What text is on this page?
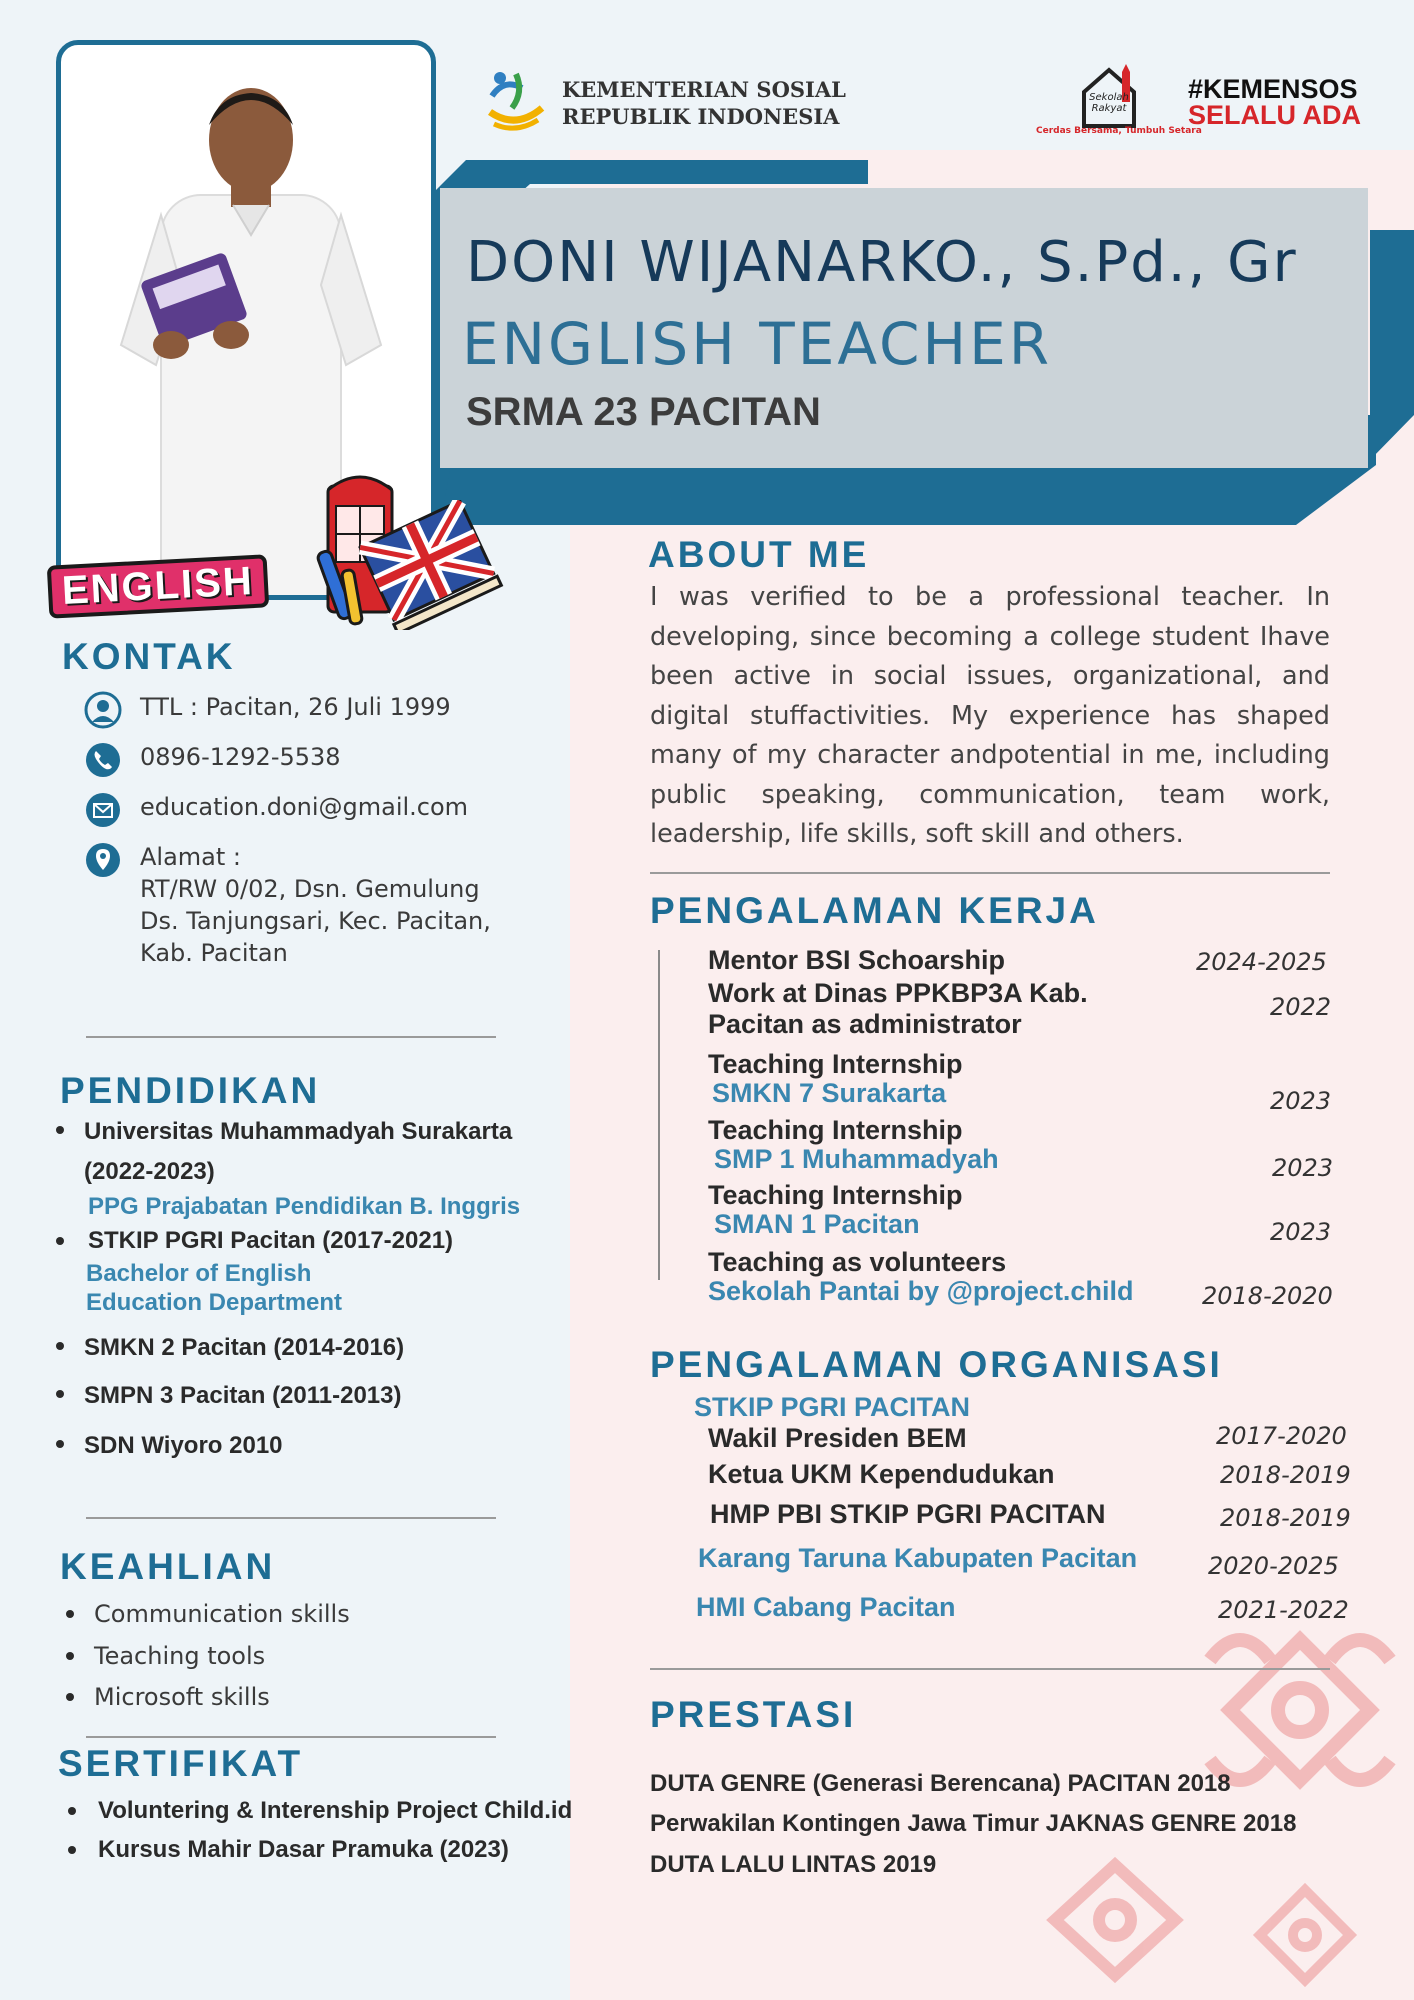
KEMENTERIAN SOSIAL
REPUBLIK INDONESIA
Sekolah Rakyat
Cerdas Bersama, Tumbuh Setara
#KEMENSOS
SELALU ADA
DONI WIJANARKO., S.Pd., Gr
ENGLISH TEACHER
SRMA 23 PACITAN
ENGLISH
KONTAK
TTL : Pacitan, 26 Juli 1999
0896-1292-5538
education.doni@gmail.com
Alamat :
RT/RW 0/02, Dsn. Gemulung
Ds. Tanjungsari, Kec. Pacitan,
Kab. Pacitan
PENDIDIKAN
Universitas Muhammadyah Surakarta
(2022-2023)
PPG Prajabatan Pendidikan B. Inggris
STKIP PGRI Pacitan (2017-2021)
Bachelor of English
Education Department
SMKN 2 Pacitan (2014-2016)
SMPN 3 Pacitan (2011-2013)
SDN Wiyoro 2010
KEAHLIAN
Communication skills
Teaching tools
Microsoft skills
SERTIFIKAT
Voluntering & Interenship Project Child.id
Kursus Mahir Dasar Pramuka (2023)
ABOUT ME
I was verified to be a professional teacher. In developing, since becoming a college student Ihave been active in social issues, organizational, and digital stuffactivities. My experience has shaped many of my character andpotential in me, including public speaking, communication, team work, leadership, life skills, soft skill and others.
PENGALAMAN KERJA
Mentor BSI Schoarship	2024-2025
Work at Dinas PPKBP3A Kab.
Pacitan as administrator
2022
Teaching Internship
SMKN 7 Surakarta	2023
Teaching Internship
SMP 1 Muhammadyah	2023
Teaching Internship
SMAN 1 Pacitan	2023
Teaching as volunteers
Sekolah Pantai by @project.child	2018-2020
PENGALAMAN ORGANISASI
STKIP PGRI PACITAN
Wakil Presiden BEM	2017-2020
Ketua UKM Kependudukan	2018-2019
HMP PBI STKIP PGRI PACITAN	2018-2019
Karang Taruna Kabupaten Pacitan	2020-2025
HMI Cabang Pacitan	2021-2022
PRESTASI
DUTA GENRE (Generasi Berencana) PACITAN 2018
Perwakilan Kontingen Jawa Timur JAKNAS GENRE 2018
DUTA LALU LINTAS 2019
